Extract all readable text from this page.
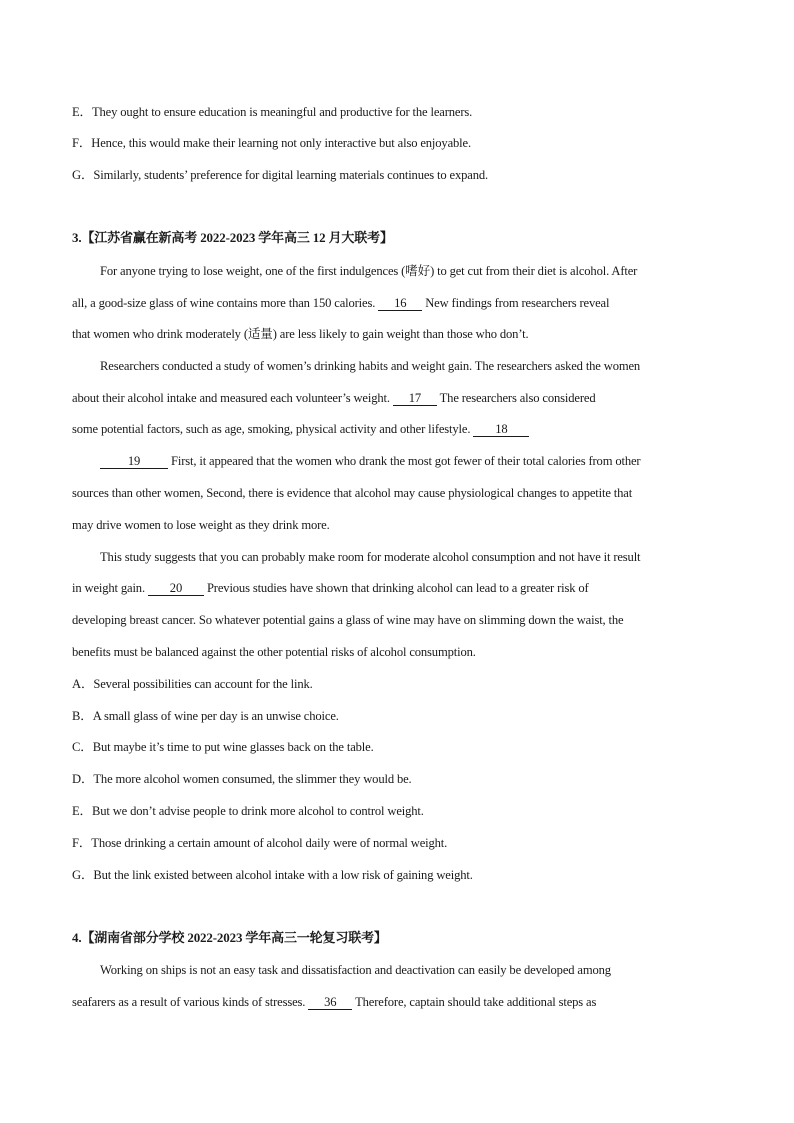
E．They ought to ensure education is meaningful and productive for the learners.
F．Hence, this would make their learning not only interactive but also enjoyable.
G．Similarly, students’ preference for digital learning materials continues to expand.
3.【江苏省赢在新高考 2022-2023 学年高三 12 月大联考】
For anyone trying to lose weight, one of the first indulgences (嗜好) to get cut from their diet is alcohol. After
all, a good-size glass of wine contains more than 150 calories. 16 New findings from researchers reveal
that women who drink moderately (适量) are less likely to gain weight than those who don’t.
Researchers conducted a study of women’s drinking habits and weight gain. The researchers asked the women
about their alcohol intake and measured each volunteer’s weight. 17 The researchers also considered
some potential factors, such as age, smoking, physical activity and other lifestyle. 18
19 First, it appeared that the women who drank the most got fewer of their total calories from other
sources than other women, Second, there is evidence that alcohol may cause physiological changes to appetite that
may drive women to lose weight as they drink more.
This study suggests that you can probably make room for moderate alcohol consumption and not have it result
in weight gain. 20 Previous studies have shown that drinking alcohol can lead to a greater risk of
developing breast cancer. So whatever potential gains a glass of wine may have on slimming down the waist, the
benefits must be balanced against the other potential risks of alcohol consumption.
A．Several possibilities can account for the link.
B．A small glass of wine per day is an unwise choice.
C．But maybe it’s time to put wine glasses back on the table.
D．The more alcohol women consumed, the slimmer they would be.
E．But we don’t advise people to drink more alcohol to control weight.
F．Those drinking a certain amount of alcohol daily were of normal weight.
G．But the link existed between alcohol intake with a low risk of gaining weight.
4.【湖南省部分学校 2022-2023 学年高三一轮复习联考】
Working on ships is not an easy task and dissatisfaction and deactivation can easily be developed among
seafarers as a result of various kinds of stresses. 36 Therefore, captain should take additional steps as
